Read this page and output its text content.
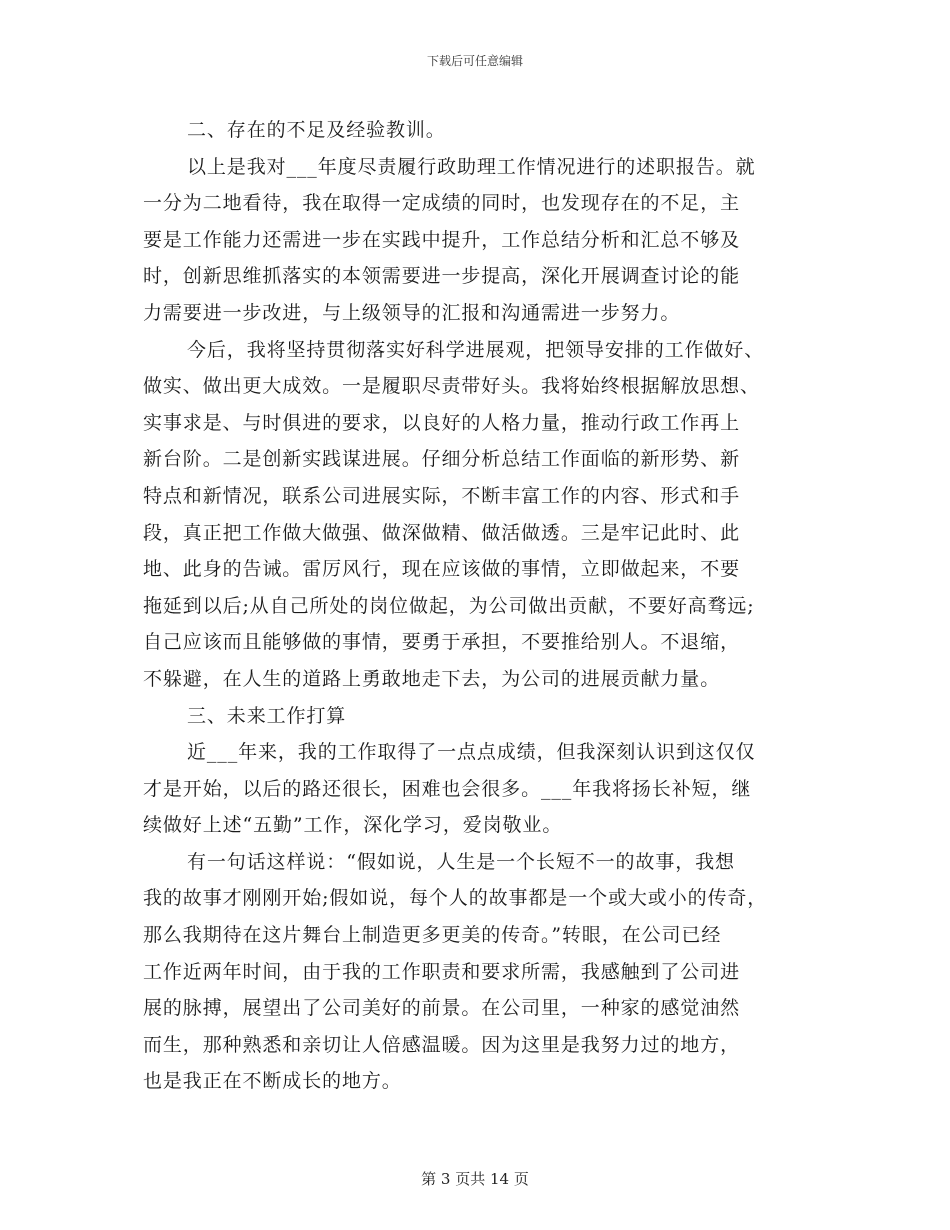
下载后可任意编辑
二、存在的不足及经验教训。
以上是我对___年度尽责履行政助理工作情况进行的述职报告。就
一分为二地看待，我在取得一定成绩的同时，也发现存在的不足，主
要是工作能力还需进一步在实践中提升，工作总结分析和汇总不够及
时，创新思维抓落实的本领需要进一步提高，深化开展调查讨论的能
力需要进一步改进，与上级领导的汇报和沟通需进一步努力。
今后，我将坚持贯彻落实好科学进展观，把领导安排的工作做好、
做实、做出更大成效。一是履职尽责带好头。我将始终根据解放思想、
实事求是、与时俱进的要求，以良好的人格力量，推动行政工作再上
新台阶。二是创新实践谋进展。仔细分析总结工作面临的新形势、新
特点和新情况，联系公司进展实际，不断丰富工作的内容、形式和手
段，真正把工作做大做强、做深做精、做活做透。三是牢记此时、此
地、此身的告诫。雷厉风行，现在应该做的事情，立即做起来，不要
拖延到以后;从自己所处的岗位做起，为公司做出贡献，不要好高骛远;
自己应该而且能够做的事情，要勇于承担，不要推给别人。不退缩，
不躲避，在人生的道路上勇敢地走下去，为公司的进展贡献力量。
三、未来工作打算
近___年来，我的工作取得了一点点成绩，但我深刻认识到这仅仅
才是开始，以后的路还很长，困难也会很多。___年我将扬长补短，继
续做好上述“五勤”工作，深化学习，爱岗敬业。
有一句话这样说：“假如说，人生是一个长短不一的故事，我想
我的故事才刚刚开始;假如说，每个人的故事都是一个或大或小的传奇，
那么我期待在这片舞台上制造更多更美的传奇。”转眼，在公司已经
工作近两年时间，由于我的工作职责和要求所需，我感触到了公司进
展的脉搏，展望出了公司美好的前景。在公司里，一种家的感觉油然
而生，那种熟悉和亲切让人倍感温暖。因为这里是我努力过的地方，
也是我正在不断成长的地方。
第 3 页共 14 页
